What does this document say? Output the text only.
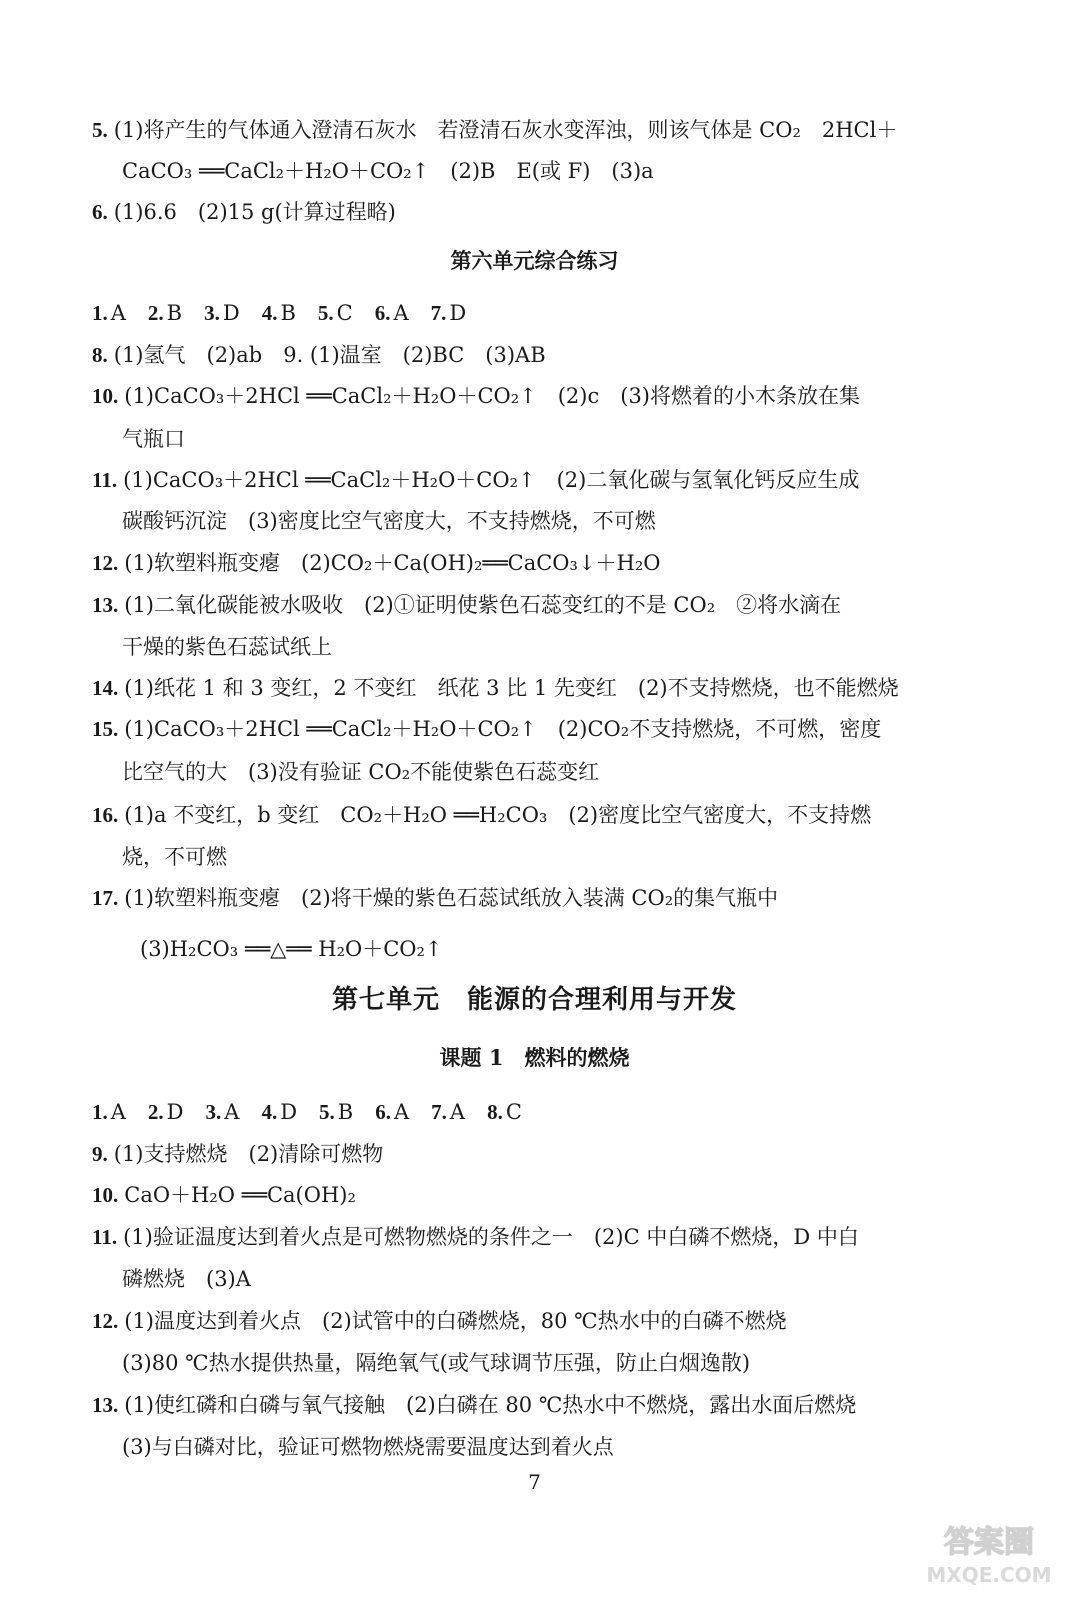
5. (1)将产生的气体通入澄清石灰水　若澄清石灰水变浑浊，则该气体是 CO₂　2HCl＋
CaCO₃ ══CaCl₂＋H₂O＋CO₂↑　(2)B　E(或 F)　(3)a
6. (1)6.6　(2)15 g(计算过程略)
第六单元综合练习
1. A 2. B 3. D 4. B 5. C 6. A 7. D
8. (1)氢气　(2)ab　9. (1)温室　(2)BC　(3)AB
10. (1)CaCO₃＋2HCl ══CaCl₂＋H₂O＋CO₂↑　(2)c　(3)将燃着的小木条放在集
气瓶口
11. (1)CaCO₃＋2HCl ══CaCl₂＋H₂O＋CO₂↑　(2)二氧化碳与氢氧化钙反应生成
碳酸钙沉淀　(3)密度比空气密度大，不支持燃烧，不可燃
12. (1)软塑料瓶变瘪　(2)CO₂＋Ca(OH)₂══CaCO₃↓＋H₂O
13. (1)二氧化碳能被水吸收　(2)①证明使紫色石蕊变红的不是 CO₂　②将水滴在
干燥的紫色石蕊试纸上
14. (1)纸花 1 和 3 变红，2 不变红　纸花 3 比 1 先变红　(2)不支持燃烧，也不能燃烧
15. (1)CaCO₃＋2HCl ══CaCl₂＋H₂O＋CO₂↑　(2)CO₂不支持燃烧，不可燃，密度
比空气的大　(3)没有验证 CO₂不能使紫色石蕊变红
16. (1)a 不变红，b 变红　CO₂＋H₂O ══H₂CO₃　(2)密度比空气密度大，不支持燃
烧，不可燃
17. (1)软塑料瓶变瘪　(2)将干燥的紫色石蕊试纸放入装满 CO₂的集气瓶中
(3)H₂CO₃ ══△══ H₂O＋CO₂↑
第七单元　能源的合理利用与开发
课题 1　燃料的燃烧
1. A 2. D 3. A 4. D 5. B 6. A 7. A 8. C
9. (1)支持燃烧　(2)清除可燃物
10. CaO＋H₂O ══Ca(OH)₂
11. (1)验证温度达到着火点是可燃物燃烧的条件之一　(2)C 中白磷不燃烧，D 中白
磷燃烧　(3)A
12. (1)温度达到着火点　(2)试管中的白磷燃烧，80 ℃热水中的白磷不燃烧
(3)80 ℃热水提供热量，隔绝氧气(或气球调节压强，防止白烟逸散)
13. (1)使红磷和白磷与氧气接触　(2)白磷在 80 ℃热水中不燃烧，露出水面后燃烧
(3)与白磷对比，验证可燃物燃烧需要温度达到着火点
7
答案圈
MXQE.COM
